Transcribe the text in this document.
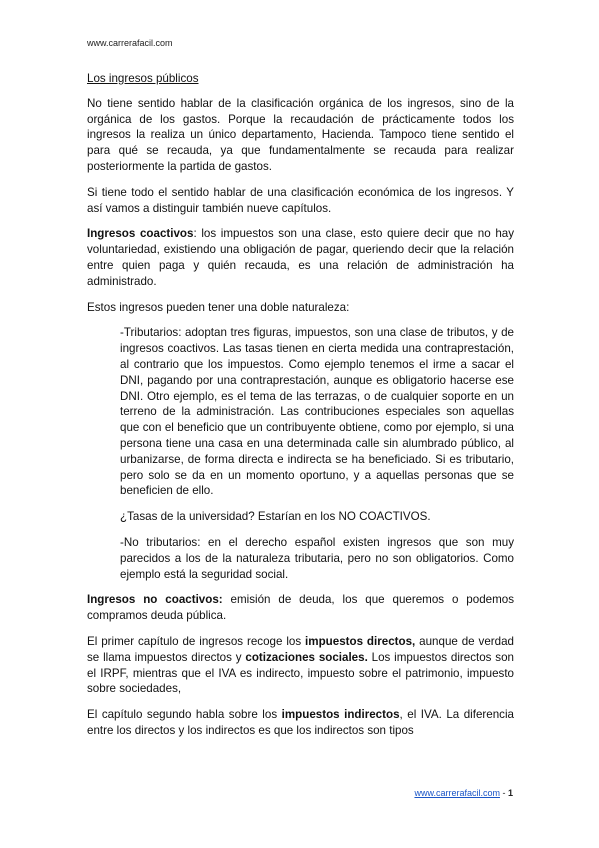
www.carrerafacil.com

Los ingresos públicos

No tiene sentido hablar de la clasificación orgánica de los ingresos, sino de la orgánica de los gastos. Porque la recaudación de prácticamente todos los ingresos la realiza un único departamento, Hacienda. Tampoco tiene sentido el para qué se recauda, ya que fundamentalmente se recauda para realizar posteriormente la partida de gastos.

Si tiene todo el sentido hablar de una clasificación económica de los ingresos. Y así vamos a distinguir también nueve capítulos.

Ingresos coactivos: los impuestos son una clase, esto quiere decir que no hay voluntariedad, existiendo una obligación de pagar, queriendo decir que la relación entre quien paga y quién recauda, es una relación de administración ha administrado.

Estos ingresos pueden tener una doble naturaleza:

-Tributarios: adoptan tres figuras, impuestos, son una clase de tributos, y de ingresos coactivos. Las tasas tienen en cierta medida una contraprestación, al contrario que los impuestos. Como ejemplo tenemos el irme a sacar el DNI, pagando por una contraprestación, aunque es obligatorio hacerse ese DNI. Otro ejemplo, es el tema de las terrazas, o de cualquier soporte en un terreno de la administración. Las contribuciones especiales son aquellas que con el beneficio que un contribuyente obtiene, como por ejemplo, si una persona tiene una casa en una determinada calle sin alumbrado público, al urbanizarse, de forma directa e indirecta se ha beneficiado. Si es tributario, pero solo se da en un momento oportuno, y a aquellas personas que se beneficien de ello.

¿Tasas de la universidad? Estarían en los NO COACTIVOS.

-No tributarios: en el derecho español existen ingresos que son muy parecidos a los de la naturaleza tributaria, pero no son obligatorios. Como ejemplo está la seguridad social.

Ingresos no coactivos: emisión de deuda, los que queremos o podemos compramos deuda pública.

El primer capítulo de ingresos recoge los impuestos directos, aunque de verdad se llama impuestos directos y cotizaciones sociales. Los impuestos directos son el IRPF, mientras que el IVA es indirecto, impuesto sobre el patrimonio, impuesto sobre sociedades,

El capítulo segundo habla sobre los impuestos indirectos, el IVA. La diferencia entre los directos y los indirectos es que los indirectos son tipos

www.carrerafacil.com - 1
